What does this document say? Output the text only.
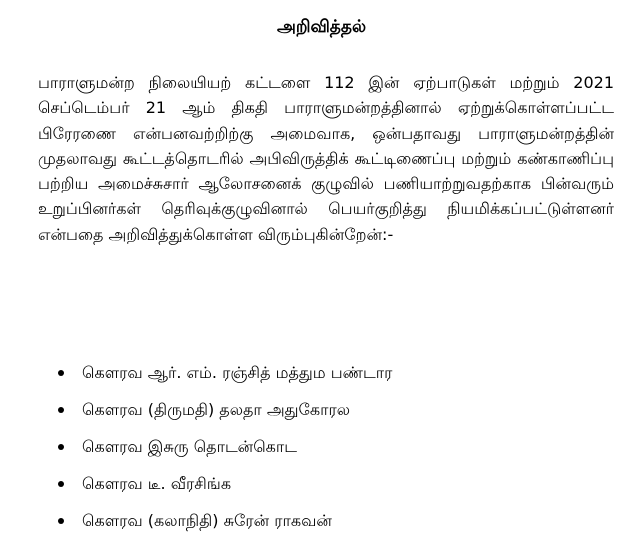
அறிவித்தல்

பாராளுமன்ற நிலையியற் கட்டளை 112 இன் ஏற்பாடுகள் மற்றும் 2021 செப்டெம்பர் 21 ஆம் திகதி பாராளுமன்றத்தினால் ஏற்றுக்கொள்ளப்பட்ட பிரேரணை என்பனவற்றிற்கு அமைவாக, ஒன்பதாவது பாராளுமன்றத்தின் முதலாவது கூட்டத்தொடரில் அபிவிருத்திக் கூட்டிணைப்பு மற்றும் கண்காணிப்பு பற்றிய அமைச்சுசார் ஆலோசனைக் குழுவில் பணியாற்றுவதற்காக பின்வரும் உறுப்பினர்கள் தெரிவுக்குழுவினால் பெயர்குறித்து நியமிக்கப்பட்டுள்ளனர் என்பதை அறிவித்துக்கொள்ள விரும்புகின்றேன்:-

கௌரவ ஆர். எம். ரஞ்சித் மத்தும பண்டார
கௌரவ (திருமதி) தலதா அதுகோரல
கௌரவ இசுரு தொடன்கொட
கௌரவ டீ. வீரசிங்க
கௌரவ (கலாநிதி) சுரேன் ராகவன்
